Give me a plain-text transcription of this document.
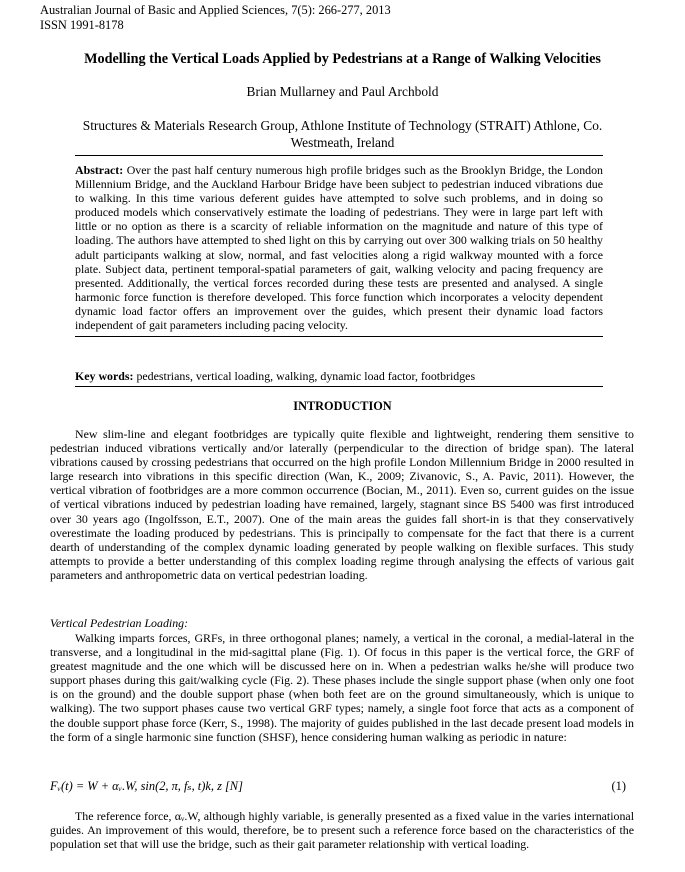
Australian Journal of Basic and Applied Sciences, 7(5): 266-277, 2013
ISSN 1991-8178
Modelling the Vertical Loads Applied by Pedestrians at a Range of Walking Velocities
Brian Mullarney and Paul Archbold
Structures & Materials Research Group, Athlone Institute of Technology (STRAIT) Athlone, Co. Westmeath, Ireland
Abstract: Over the past half century numerous high profile bridges such as the Brooklyn Bridge, the London Millennium Bridge, and the Auckland Harbour Bridge have been subject to pedestrian induced vibrations due to walking. In this time various deferent guides have attempted to solve such problems, and in doing so produced models which conservatively estimate the loading of pedestrians. They were in large part left with little or no option as there is a scarcity of reliable information on the magnitude and nature of this type of loading. The authors have attempted to shed light on this by carrying out over 300 walking trials on 50 healthy adult participants walking at slow, normal, and fast velocities along a rigid walkway mounted with a force plate. Subject data, pertinent temporal-spatial parameters of gait, walking velocity and pacing frequency are presented. Additionally, the vertical forces recorded during these tests are presented and analysed. A single harmonic force function is therefore developed. This force function which incorporates a velocity dependent dynamic load factor offers an improvement over the guides, which present their dynamic load factors independent of gait parameters including pacing velocity.
Key words: pedestrians, vertical loading, walking, dynamic load factor, footbridges
INTRODUCTION

New slim-line and elegant footbridges are typically quite flexible and lightweight, rendering them sensitive to pedestrian induced vibrations vertically and/or laterally (perpendicular to the direction of bridge span). The lateral vibrations caused by crossing pedestrians that occurred on the high profile London Millennium Bridge in 2000 resulted in large research into vibrations in this specific direction (Wan, K., 2009; Zivanovic, S., A. Pavic, 2011). However, the vertical vibration of footbridges are a more common occurrence (Bocian, M., 2011). Even so, current guides on the issue of vertical vibrations induced by pedestrian loading have remained, largely, stagnant since BS 5400 was first introduced over 30 years ago (Ingolfsson, E.T., 2007). One of the main areas the guides fall short-in is that they conservatively overestimate the loading produced by pedestrians. This is principally to compensate for the fact that there is a current dearth of understanding of the complex dynamic loading generated by people walking on flexible surfaces. This study attempts to provide a better understanding of this complex loading regime through analysing the effects of various gait parameters and anthropometric data on vertical pedestrian loading.

Vertical Pedestrian Loading:

Walking imparts forces, GRFs, in three orthogonal planes; namely, a vertical in the coronal, a medial-lateral in the transverse, and a longitudinal in the mid-sagittal plane (Fig. 1). Of focus in this paper is the vertical force, the GRF of greatest magnitude and the one which will be discussed here on in. When a pedestrian walks he/she will produce two support phases during this gait/walking cycle (Fig. 2). These phases include the single support phase (when only one foot is on the ground) and the double support phase (when both feet are on the ground simultaneously, which is unique to walking). The two support phases cause two vertical GRF types; namely, a single foot force that acts as a component of the double support phase force (Kerr, S., 1998). The majority of guides published in the last decade present load models in the form of a single harmonic sine function (SHSF), hence considering human walking as periodic in nature:

Fᵥ(t) = W + αᵥ.W, sin(2, π, fₛ, t)k, z [N]	(1)

The reference force, αᵥ.W, although highly variable, is generally presented as a fixed value in the varies international guides. An improvement of this would, therefore, be to present such a reference force based on the characteristics of the population set that will use the bridge, such as their gait parameter relationship with vertical loading.
